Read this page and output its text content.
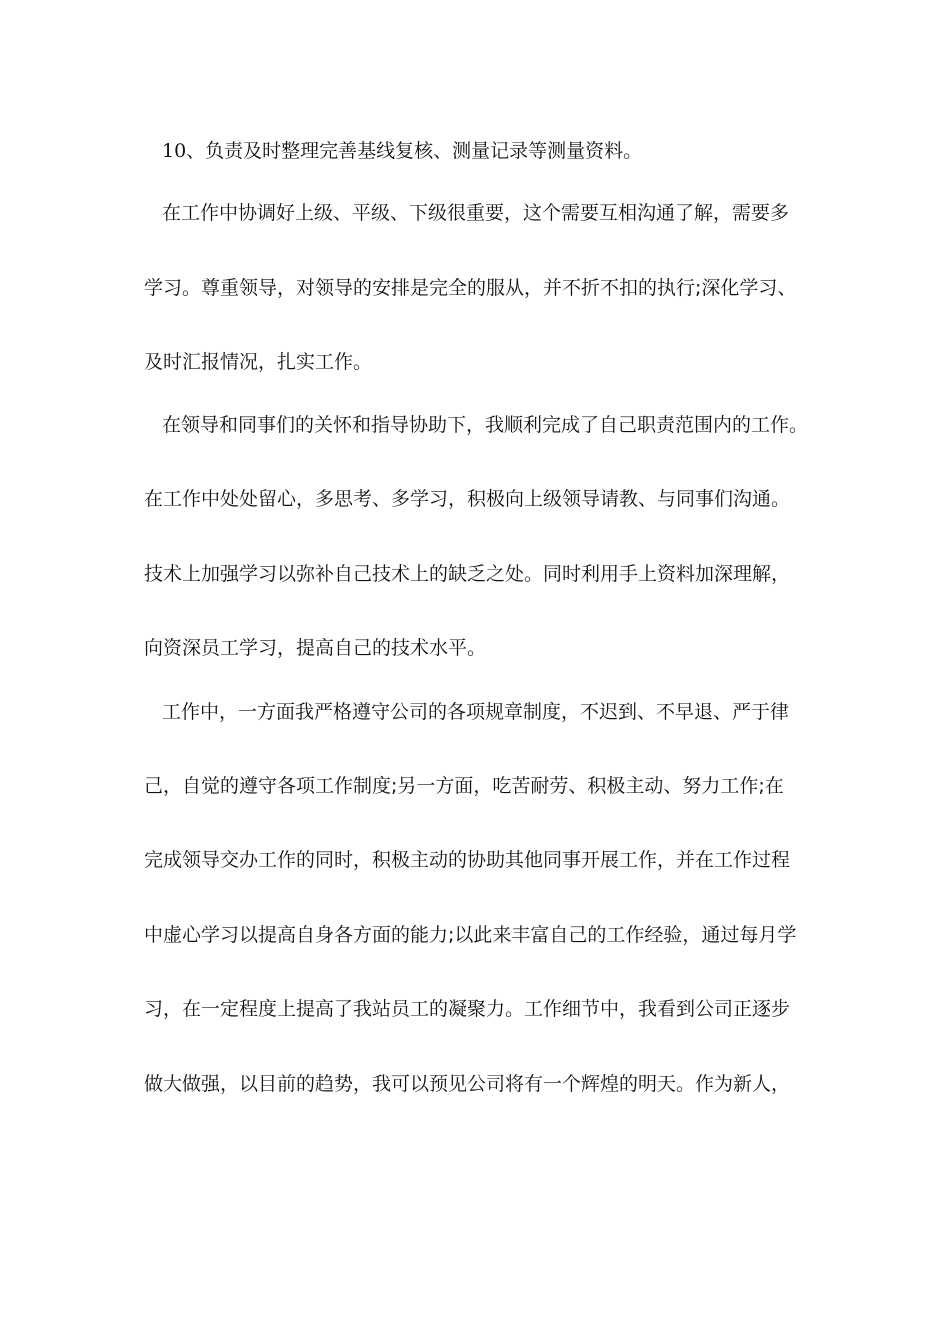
10、负责及时整理完善基线复核、测量记录等测量资料。
在工作中协调好上级、平级、下级很重要，这个需要互相沟通了解，需要多
学习。尊重领导，对领导的安排是完全的服从，并不折不扣的执行;深化学习、
及时汇报情况，扎实工作。
在领导和同事们的关怀和指导协助下，我顺利完成了自己职责范围内的工作。
在工作中处处留心，多思考、多学习，积极向上级领导请教、与同事们沟通。
技术上加强学习以弥补自己技术上的缺乏之处。同时利用手上资料加深理解，
向资深员工学习，提高自己的技术水平。
工作中，一方面我严格遵守公司的各项规章制度，不迟到、不早退、严于律
己，自觉的遵守各项工作制度;另一方面，吃苦耐劳、积极主动、努力工作;在
完成领导交办工作的同时，积极主动的协助其他同事开展工作，并在工作过程
中虚心学习以提高自身各方面的能力;以此来丰富自己的工作经验，通过每月学
习，在一定程度上提高了我站员工的凝聚力。工作细节中，我看到公司正逐步
做大做强，以目前的趋势，我可以预见公司将有一个辉煌的明天。作为新人，
